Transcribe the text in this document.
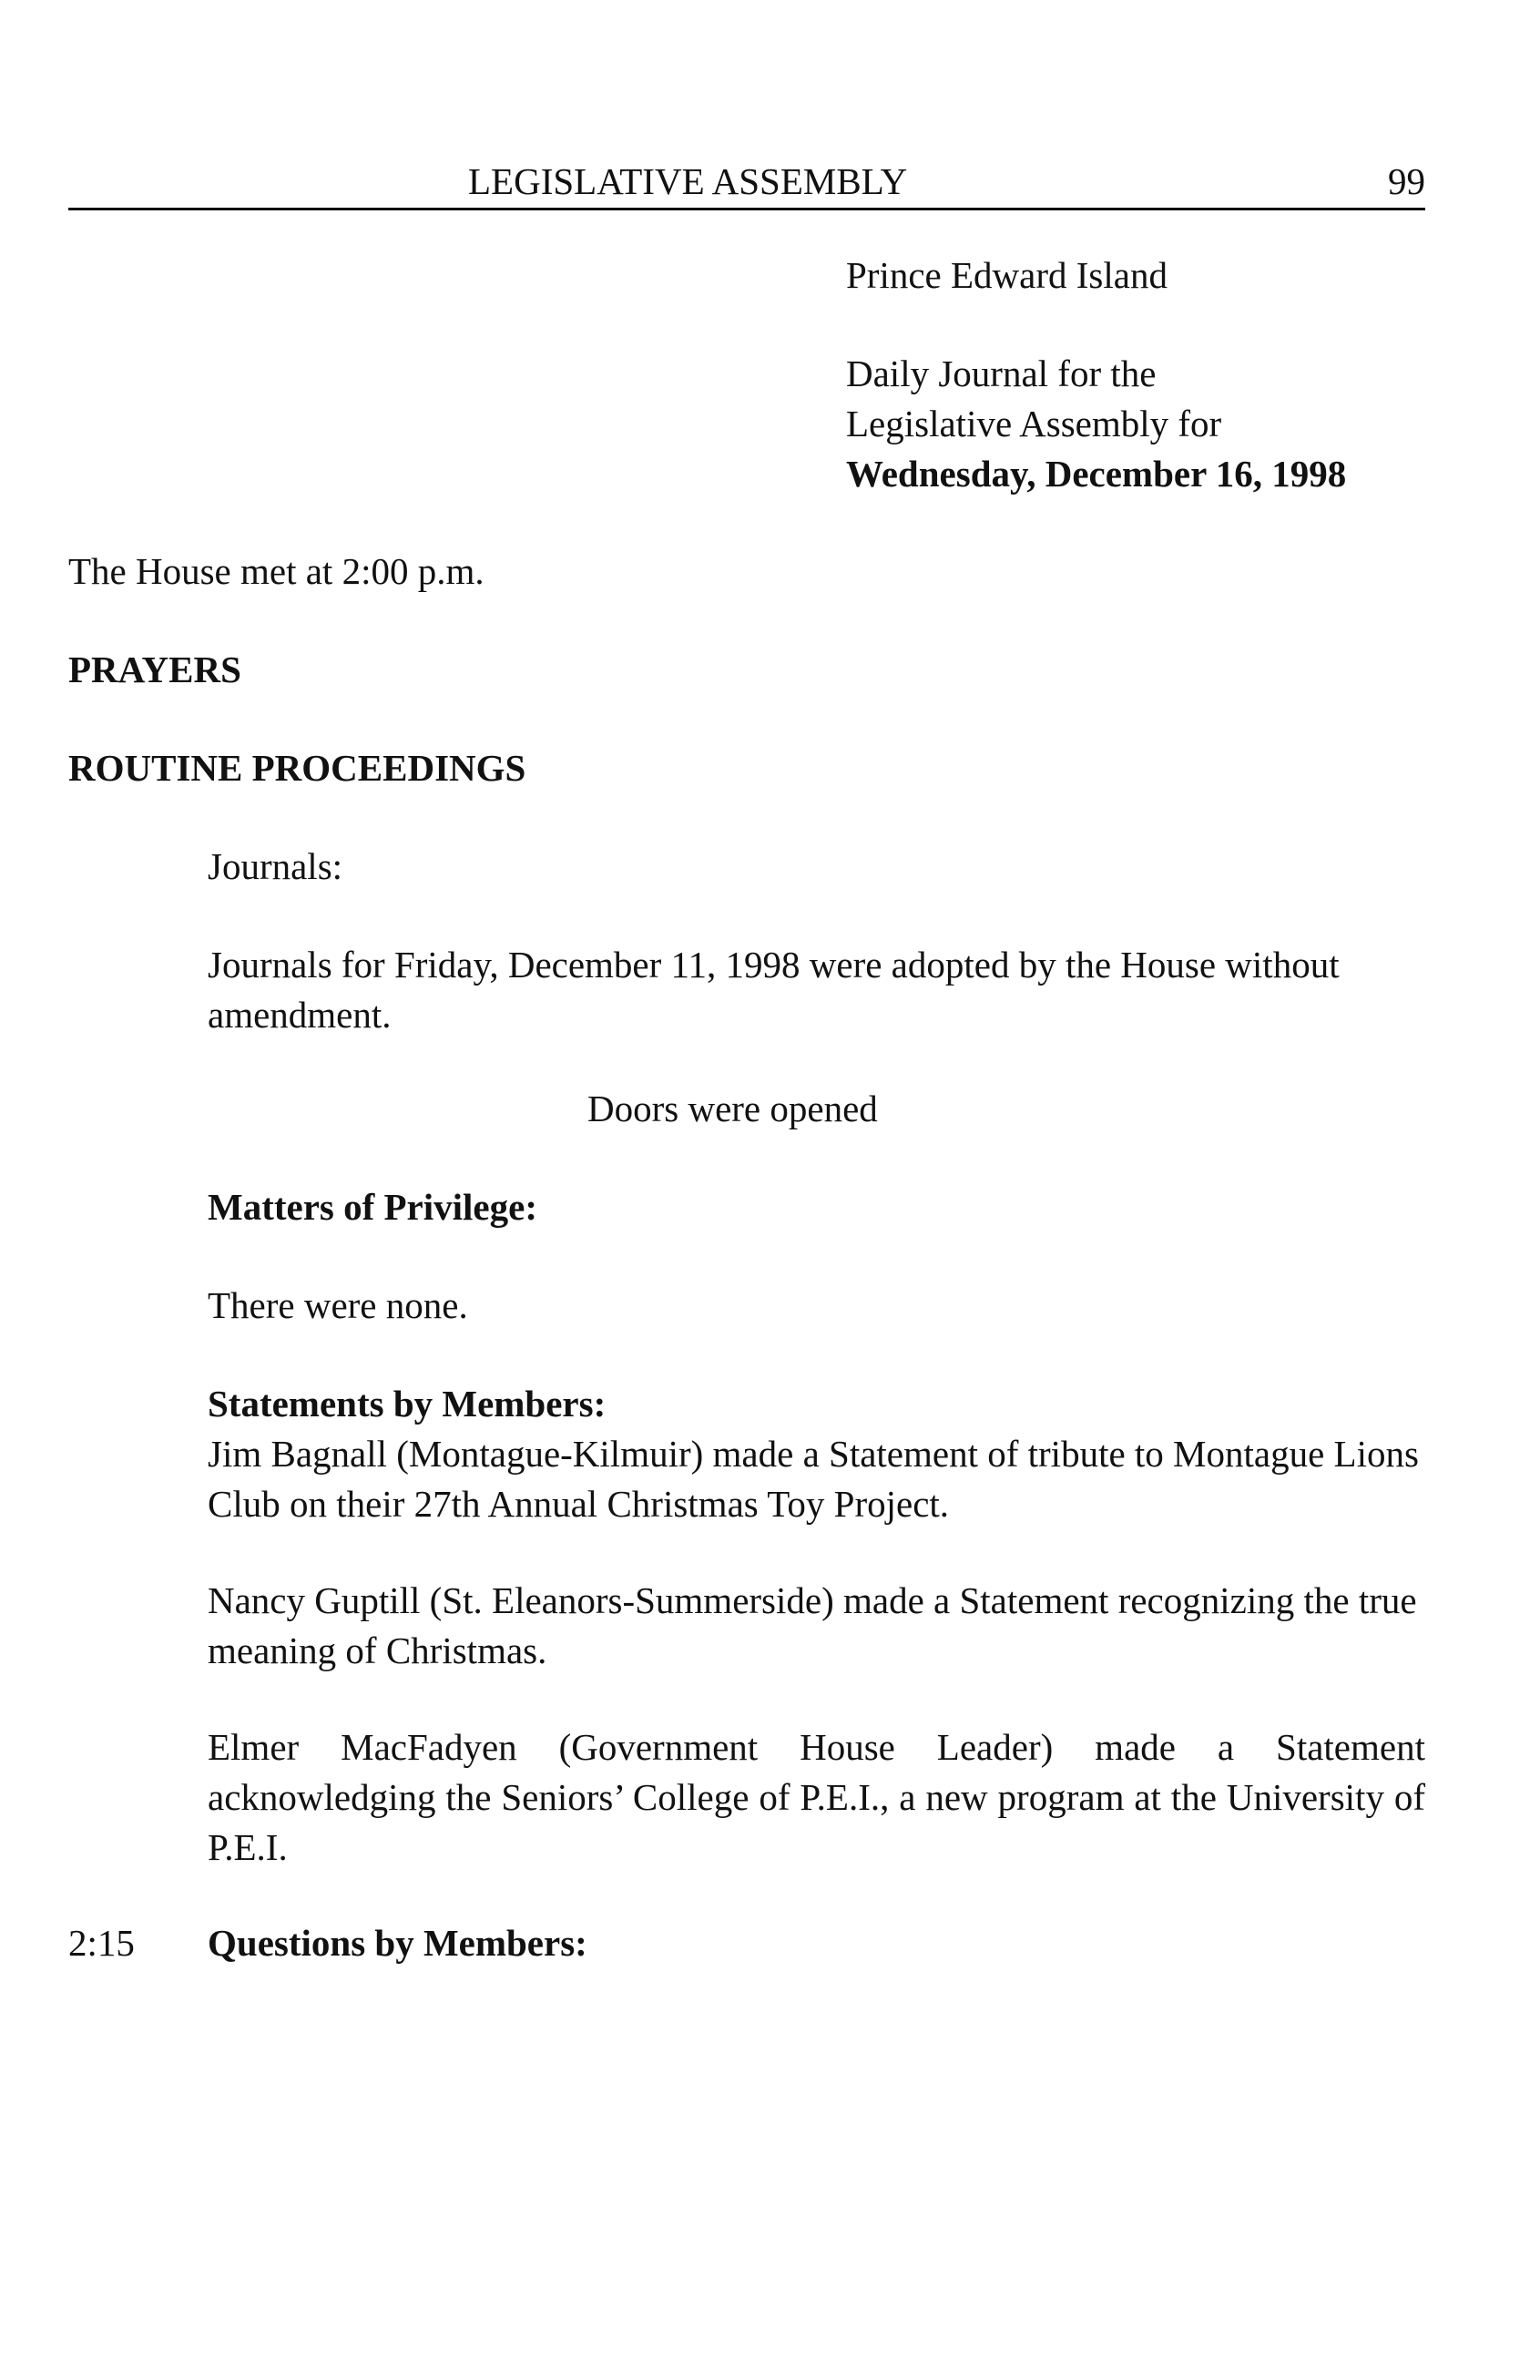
LEGISLATIVE ASSEMBLY	99

Prince Edward Island

Daily Journal for the

Legislative Assembly for

Wednesday, December 16, 1998

The House met at 2:00 p.m.

PRAYERS

ROUTINE PROCEEDINGS

Journals:

Journals for Friday, December 11, 1998 were adopted by the House without amendment.

Doors were opened

Matters of Privilege:

There were none.

Statements by Members:

Jim Bagnall (Montague-Kilmuir) made a Statement of tribute to Montague Lions Club on their 27th Annual Christmas Toy Project.

Nancy Guptill (St. Eleanors-Summerside) made a Statement recognizing the true meaning of Christmas.

Elmer MacFadyen (Government House Leader) made a Statement acknowledging the Seniors’ College of P.E.I., a new program at the University of P.E.I.

2:15 Questions by Members:
